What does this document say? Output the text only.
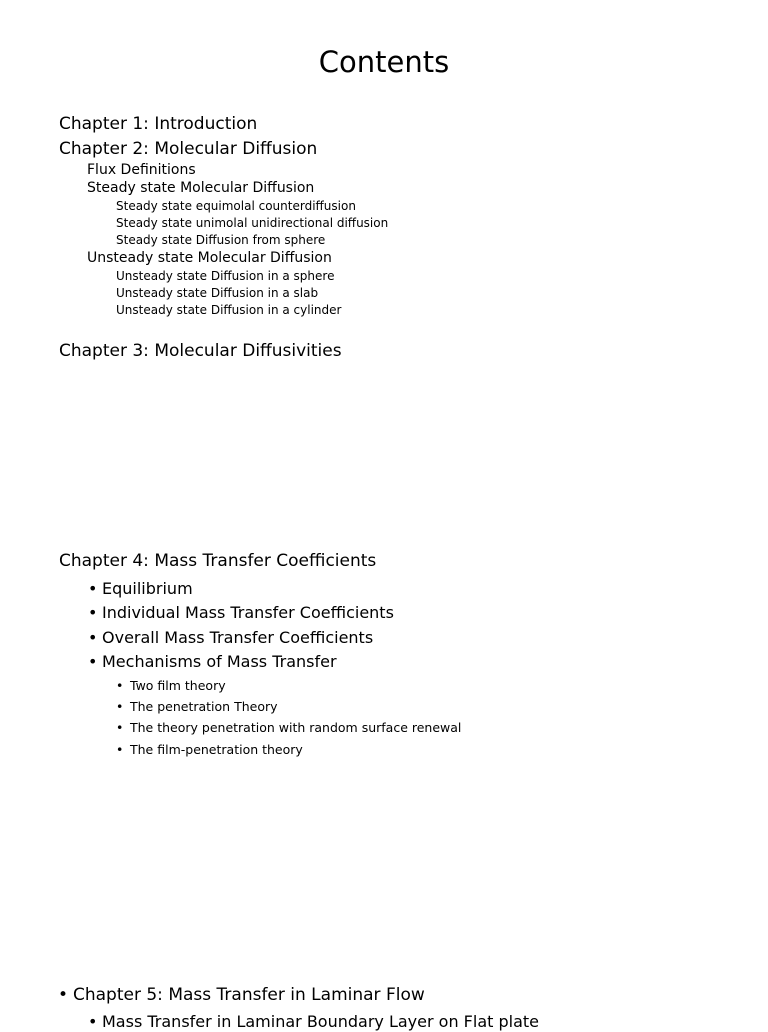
Contents
Chapter 1: Introduction
Chapter 2: Molecular Diffusion
Flux Definitions
Steady state Molecular Diffusion
Steady state equimolal counterdiffusion
Steady state unimolal unidirectional diffusion
Steady state Diffusion from sphere
Unsteady state Molecular Diffusion
Unsteady state Diffusion in a sphere
Unsteady state Diffusion in a slab
Unsteady state Diffusion in a cylinder
Chapter 3: Molecular Diffusivities
Chapter 4: Mass Transfer Coefficients
• Equilibrium
• Individual Mass Transfer Coefficients
• Overall Mass Transfer Coefficients
• Mechanisms of Mass Transfer
• Two film theory
• The penetration Theory
• The theory penetration with random surface renewal
• The film-penetration theory
• Chapter 5: Mass Transfer in Laminar Flow
• Mass Transfer in Laminar Boundary Layer on Flat plate
